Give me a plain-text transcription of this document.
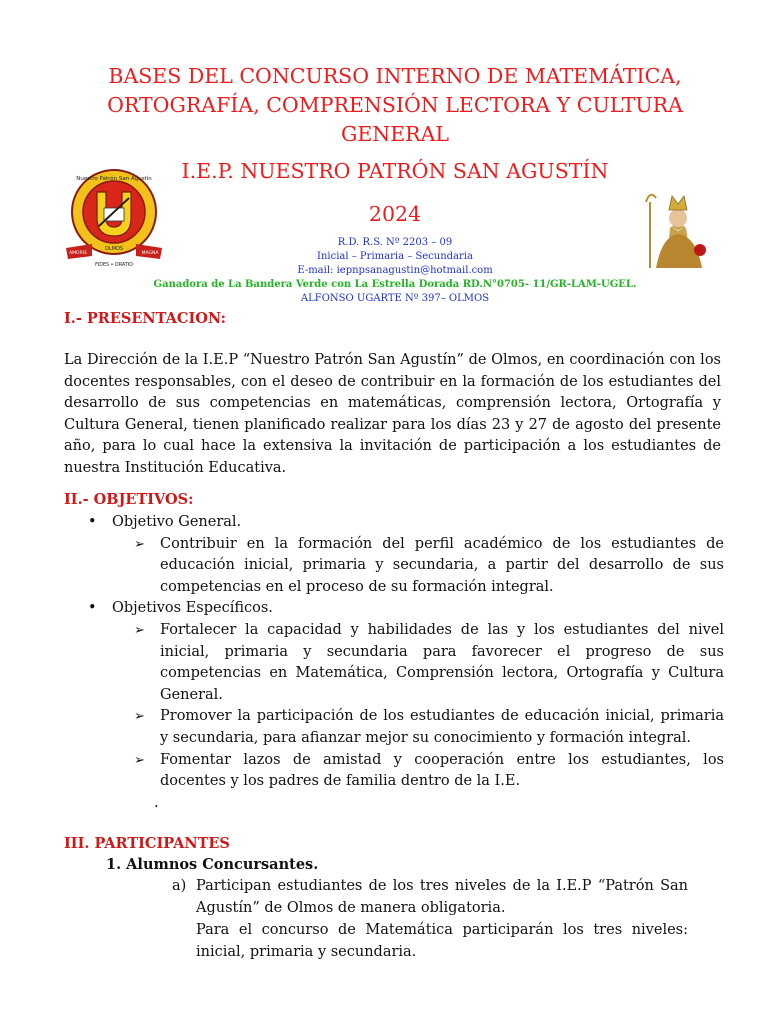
Nuestro Patrón San Agustín
OLMOS
AMORIS	MAGNA
FIDES • ORATIO
BASES DEL CONCURSO INTERNO DE MATEMÁTICA, ORTOGRAFÍA, COMPRENSIÓN LECTORA Y CULTURA GENERAL
I.E.P. NUESTRO PATRÓN SAN AGUSTÍN
2024
R.D. R.S. Nº 2203 – 09
Inicial – Primaria – Secundaria
E-mail: iepnpsanagustin@hotmail.com
Ganadora de La Bandera Verde con La Estrella Dorada RD.N°0705- 11/GR-LAM-UGEL.
ALFONSO UGARTE Nº 397– OLMOS
I.- PRESENTACION:

La Dirección de la I.E.P “Nuestro Patrón San Agustín” de Olmos, en coordinación con los docentes responsables, con el deseo de contribuir en la formación de los estudiantes del desarrollo de sus competencias en matemáticas, comprensión lectora, Ortografía y Cultura General, tienen planificado realizar para los días 23 y 27 de agosto del presente año, para lo cual hace la extensiva la invitación de participación a los estudiantes de nuestra Institución Educativa.

II.- OBJETIVOS:
• Objetivo General.
➢ Contribuir en la formación del perfil académico de los estudiantes de educación inicial, primaria y secundaria, a partir del desarrollo de sus competencias en el proceso de su formación integral.
• Objetivos Específicos.
➢ Fortalecer la capacidad y habilidades de las y los estudiantes del nivel inicial, primaria y secundaria para favorecer el progreso de sus competencias en Matemática, Comprensión lectora, Ortografía y Cultura General.
➢ Promover la participación de los estudiantes de educación inicial, primaria y secundaria, para afianzar mejor su conocimiento y formación integral.
➢ Fomentar lazos de amistad y cooperación entre los estudiantes, los docentes y los padres de familia dentro de la I.E.
.
III. PARTICIPANTES
1. Alumnos Concursantes.
a) Participan estudiantes de los tres niveles de la I.E.P “Patrón San Agustín” de Olmos de manera obligatoria.

Para el concurso de Matemática participarán los tres niveles: inicial, primaria y secundaria.
